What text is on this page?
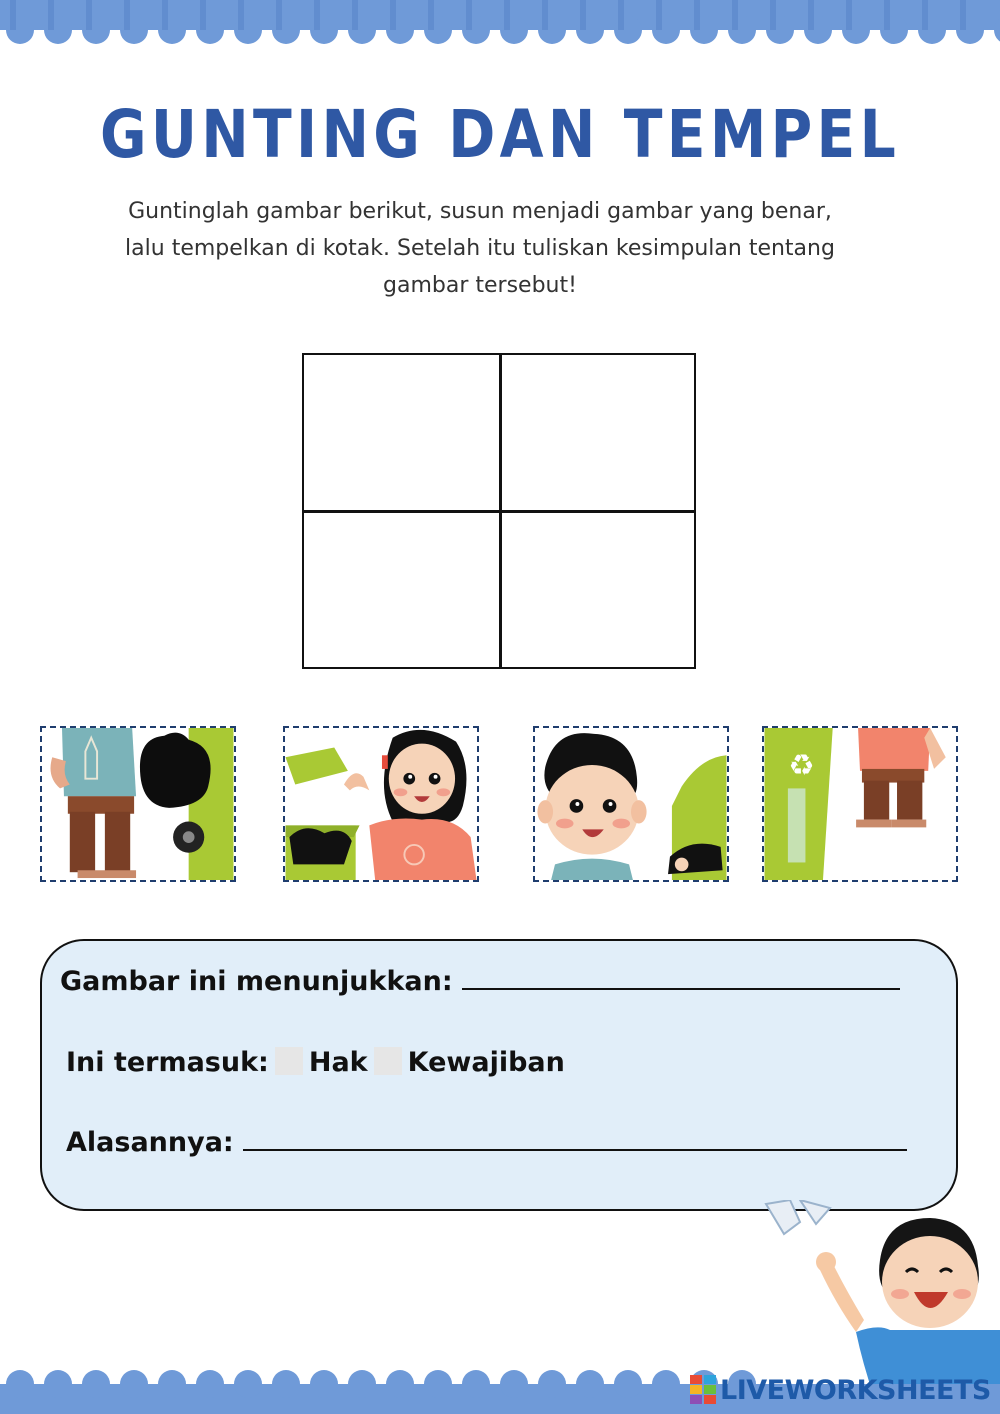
GUNTING DAN TEMPEL
Guntinglah gambar berikut, susun menjadi gambar yang benar,
lalu tempelkan di kotak. Setelah itu tuliskan kesimpulan tentang
gambar tersebut!
♻
Gambar ini menunjukkan:
Ini termasuk: Hak Kewajiban
Alasannya:
LIVEWORKSHEETS
